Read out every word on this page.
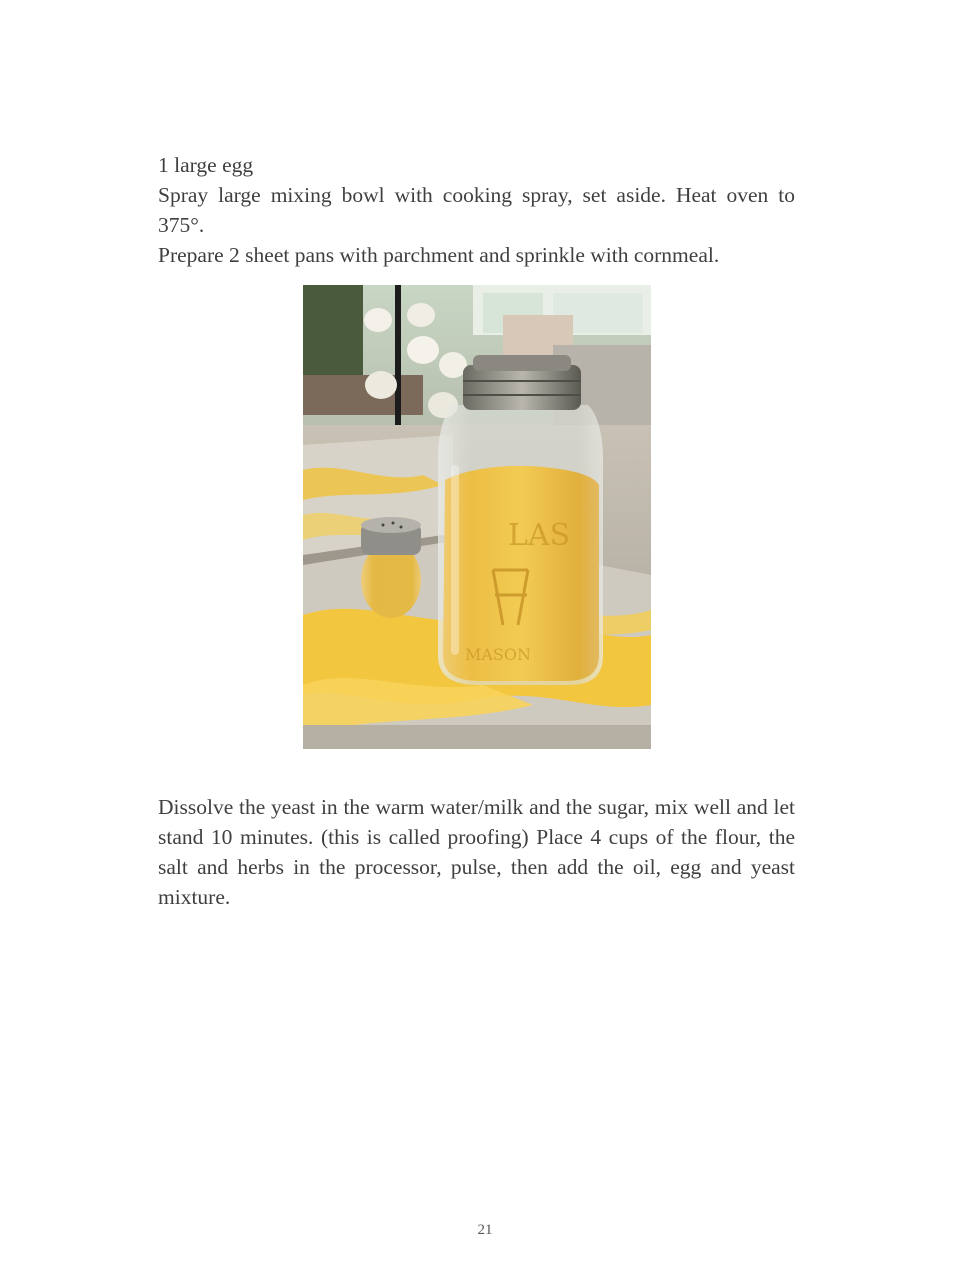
1 large egg

Spray large mixing bowl with cooking spray, set aside. Heat oven to 375°.

Prepare 2 sheet pans with parchment and sprinkle with cornmeal.

LAS
MASON

Dissolve the yeast in the warm water/milk and the sugar, mix well and let stand 10 minutes. (this is called proofing) Place 4 cups of the flour, the salt and herbs in the processor, pulse, then add the oil, egg and yeast mixture.

21
